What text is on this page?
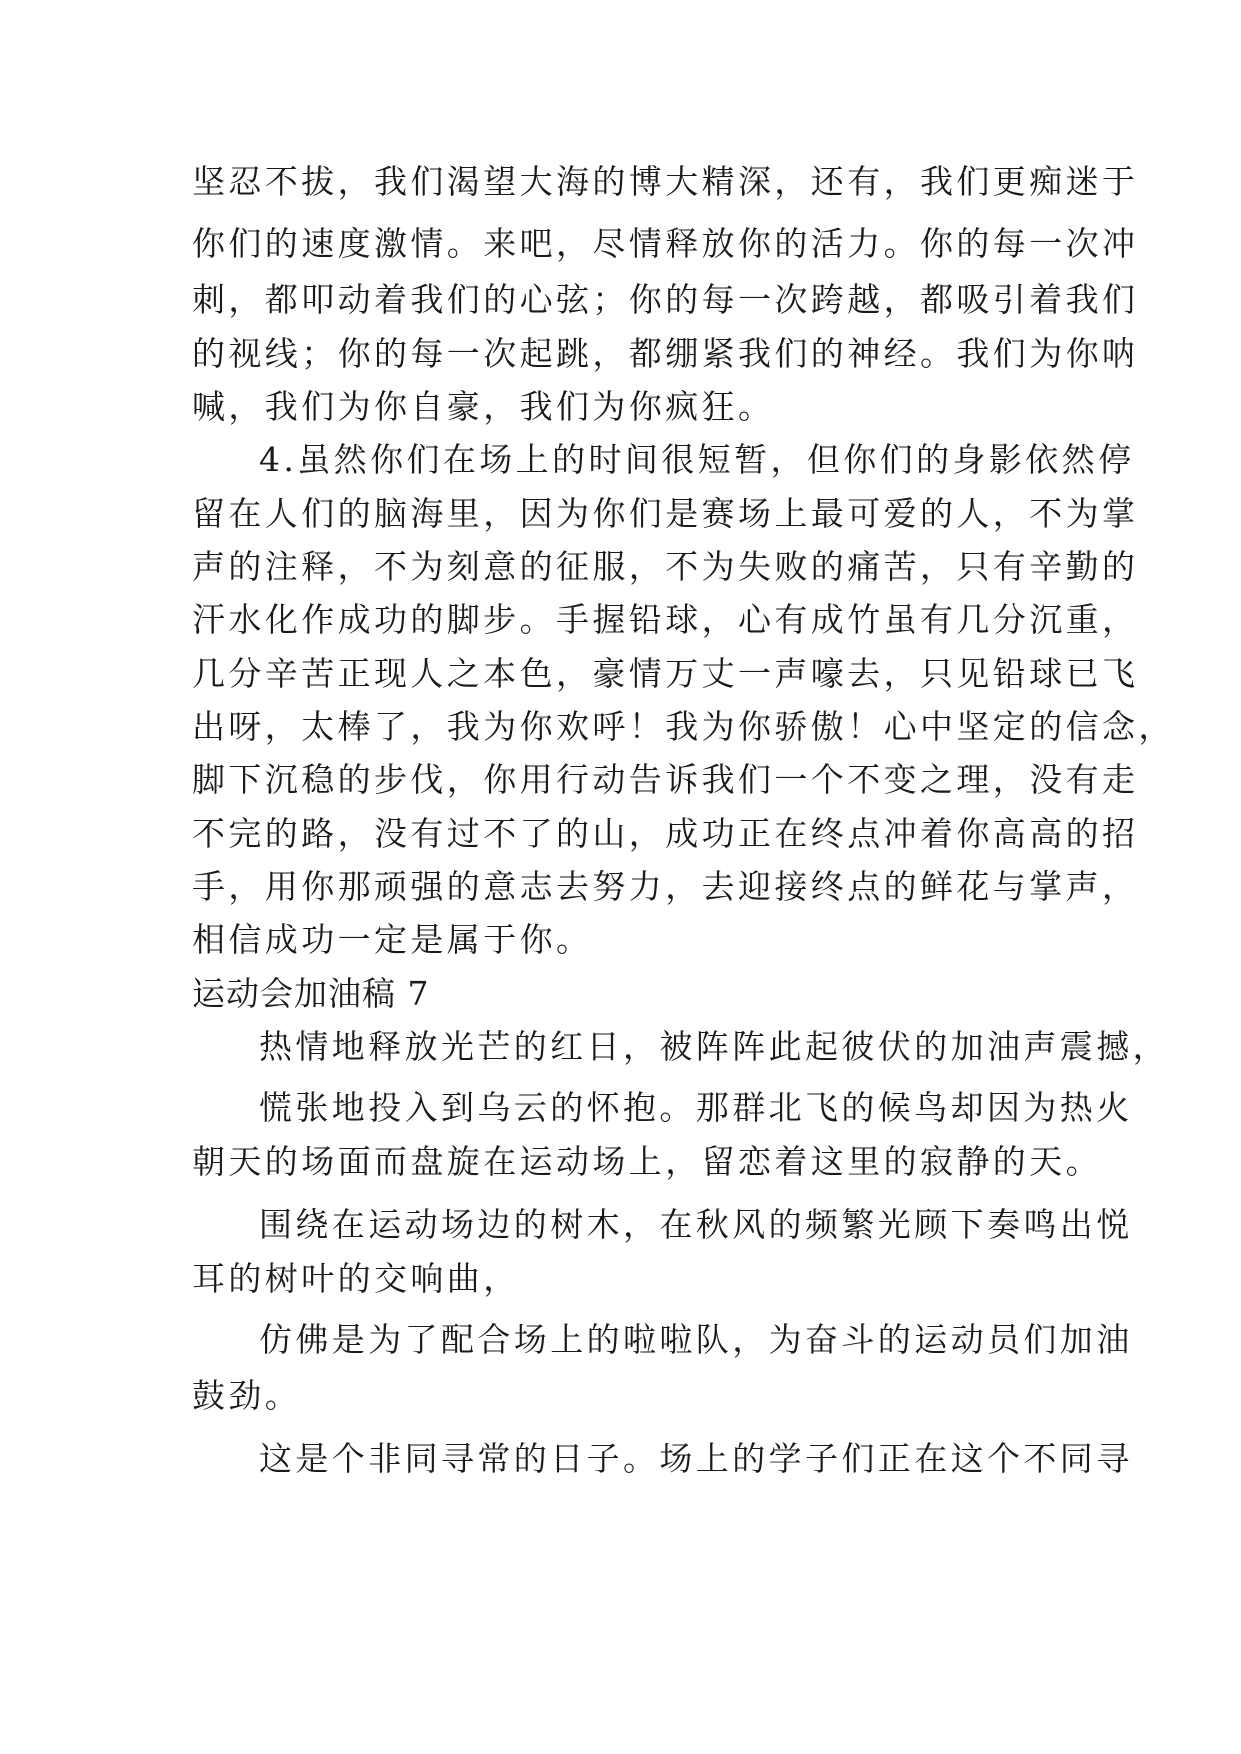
坚忍不拔，我们渴望大海的博大精深，还有，我们更痴迷于
你们的速度激情。来吧，尽情释放你的活力。你的每一次冲
刺，都叩动着我们的心弦；你的每一次跨越，都吸引着我们
的视线；你的每一次起跳，都绷紧我们的神经。我们为你呐
喊，我们为你自豪，我们为你疯狂。
4.虽然你们在场上的时间很短暂，但你们的身影依然停
留在人们的脑海里，因为你们是赛场上最可爱的人，不为掌
声的注释，不为刻意的征服，不为失败的痛苦，只有辛勤的
汗水化作成功的脚步。手握铅球，心有成竹虽有几分沉重，
几分辛苦正现人之本色，豪情万丈一声嚎去，只见铅球已飞
出呀，太棒了，我为你欢呼！我为你骄傲！心中坚定的信念，
脚下沉稳的步伐，你用行动告诉我们一个不变之理，没有走
不完的路，没有过不了的山，成功正在终点冲着你高高的招
手，用你那顽强的意志去努力，去迎接终点的鲜花与掌声，
相信成功一定是属于你。
运动会加油稿 7
热情地释放光芒的红日，被阵阵此起彼伏的加油声震撼，
慌张地投入到乌云的怀抱。那群北飞的候鸟却因为热火
朝天的场面而盘旋在运动场上，留恋着这里的寂静的天。
围绕在运动场边的树木，在秋风的频繁光顾下奏鸣出悦
耳的树叶的交响曲，
仿佛是为了配合场上的啦啦队，为奋斗的运动员们加油
鼓劲。
这是个非同寻常的日子。场上的学子们正在这个不同寻
